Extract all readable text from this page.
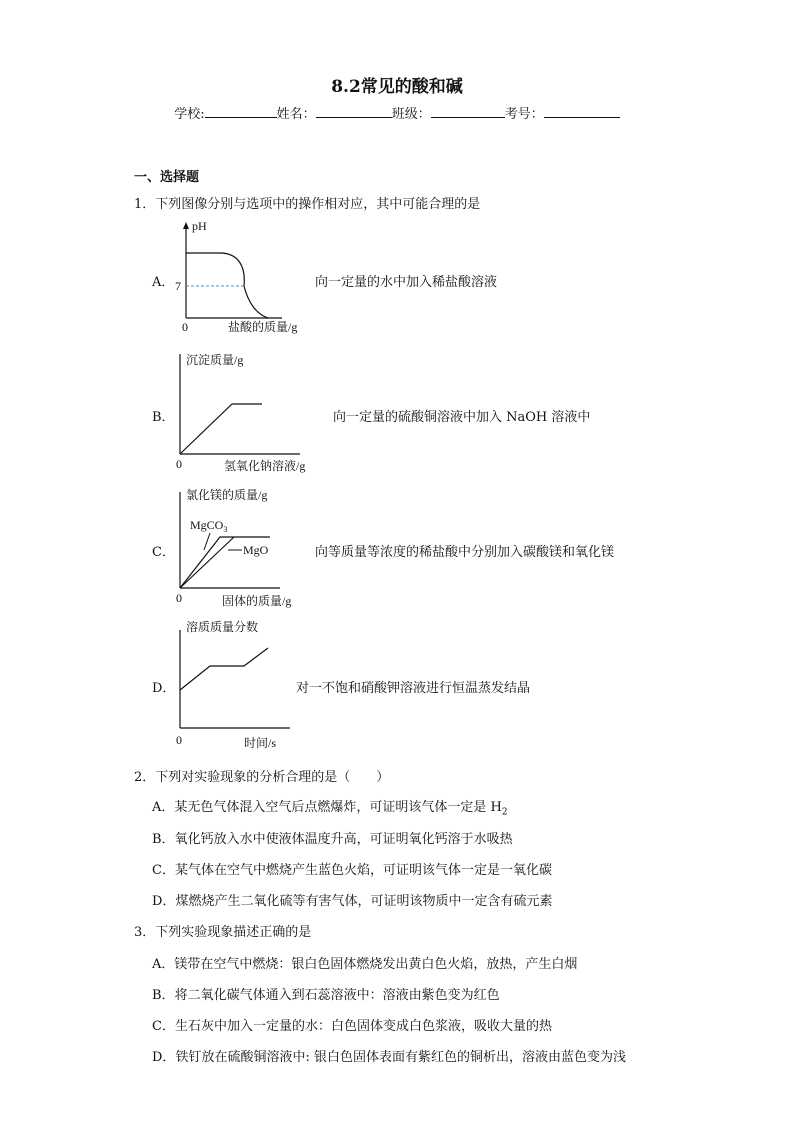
8.2常见的酸和碱
学校:	姓名：	班级：	考号：
一、选择题
1．下列图像分别与选项中的操作相对应，其中可能合理的是
A．
pH
7
0	盐酸的质量/g
向一定量的水中加入稀盐酸溶液
B．
沉淀质量/g
0	氢氧化钠溶液/g
向一定量的硫酸铜溶液中加入 NaOH 溶液中
C．
氯化镁的质量/g
MgCO$_3$
MgO
0	固体的质量/g
向等质量等浓度的稀盐酸中分别加入碳酸镁和氧化镁
D．
溶质质量分数
0	时间/s
对一不饱和硝酸钾溶液进行恒温蒸发结晶
2．下列对实验现象的分析合理的是（　　）
A．某无色气体混入空气后点燃爆炸，可证明该气体一定是 $H_2$
B．氧化钙放入水中使液体温度升高，可证明氧化钙溶于水吸热
C．某气体在空气中燃烧产生蓝色火焰，可证明该气体一定是一氧化碳
D．煤燃烧产生二氧化硫等有害气体，可证明该物质中一定含有硫元素
3．下列实验现象描述正确的是
A．镁带在空气中燃烧：银白色固体燃烧发出黄白色火焰，放热，产生白烟
B．将二氧化碳气体通入到石蕊溶液中：溶液由紫色变为红色
C．生石灰中加入一定量的水：白色固体变成白色浆液，吸收大量的热
D．铁钉放在硫酸铜溶液中: 银白色固体表面有紫红色的铜析出，溶液由蓝色变为浅
